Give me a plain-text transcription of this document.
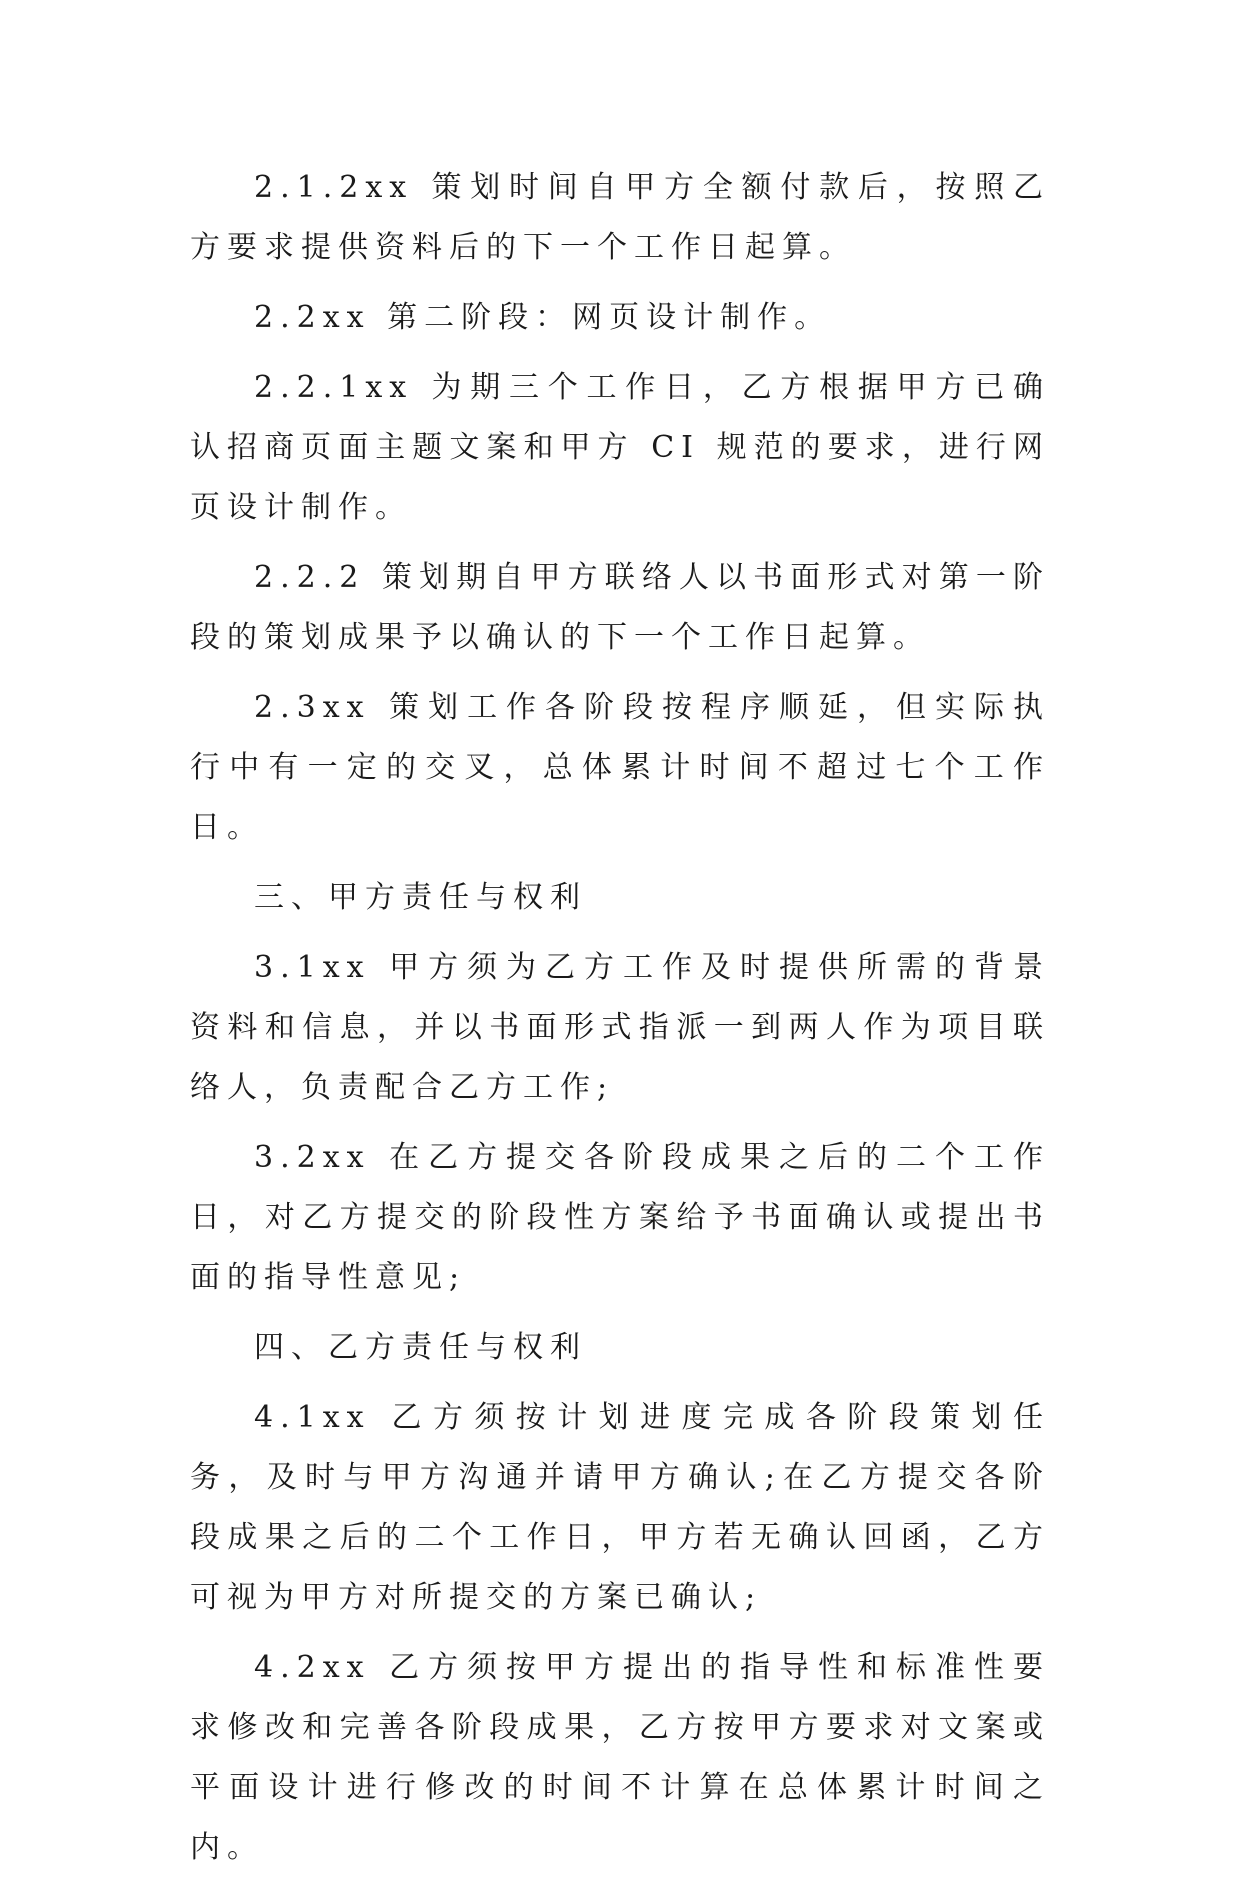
2.1.2xx 策划时间自甲方全额付款后，按照乙方要求提供资料后的下一个工作日起算。

2.2xx 第二阶段：网页设计制作。

2.2.1xx 为期三个工作日，乙方根据甲方已确认招商页面主题文案和甲方 CI 规范的要求，进行网页设计制作。

2.2.2 策划期自甲方联络人以书面形式对第一阶段的策划成果予以确认的下一个工作日起算。

2.3xx 策划工作各阶段按程序顺延，但实际执行中有一定的交叉，总体累计时间不超过七个工作日。

三、甲方责任与权利

3.1xx 甲方须为乙方工作及时提供所需的背景资料和信息，并以书面形式指派一到两人作为项目联络人，负责配合乙方工作;

3.2xx 在乙方提交各阶段成果之后的二个工作日，对乙方提交的阶段性方案给予书面确认或提出书面的指导性意见;

四、乙方责任与权利

4.1xx 乙方须按计划进度完成各阶段策划任务，及时与甲方沟通并请甲方确认;在乙方提交各阶段成果之后的二个工作日，甲方若无确认回函，乙方可视为甲方对所提交的方案已确认;

4.2xx 乙方须按甲方提出的指导性和标准性要求修改和完善各阶段成果，乙方按甲方要求对文案或平面设计进行修改的时间不计算在总体累计时间之内。
